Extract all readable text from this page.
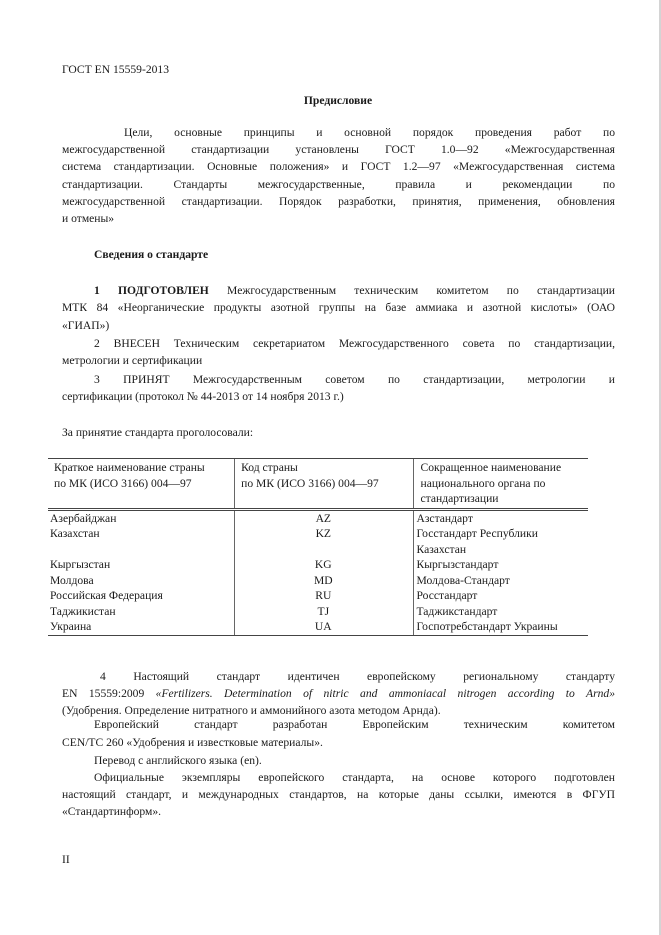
ГОСТ EN 15559-2013

Предисловие

Цели, основные принципы и основной порядок проведения работ по

межгосударственной стандартизации установлены ГОСТ 1.0—92 «Межгосударственная

система стандартизации. Основные положения» и ГОСТ 1.2—97 «Межгосударственная система

стандартизации. Стандарты межгосударственные, правила и рекомендации по

межгосударственной стандартизации. Порядок разработки, принятия, применения, обновления

и отмены»

Сведения о стандарте

1 ПОДГОТОВЛЕН Межгосударственным техническим комитетом по стандартизации

МТК 84 «Неорганические продукты азотной группы на базе аммиака и азотной кислоты» (ОАО

«ГИАП»)

2 ВНЕСЕН Техническим секретариатом Межгосударственного совета по стандартизации,

метрологии и сертификации

3 ПРИНЯТ Межгосударственным советом по стандартизации, метрологии и

сертификации (протокол № 44-2013 от 14 ноября 2013 г.)

За принятие стандарта проголосовали:

Краткое наименование страны
по МК (ИСО 3166) 004—97	Код страны
по МК (ИСО 3166) 004—97	Сокращенное наименование
национального органа по
стандартизации
Азербайджан	AZ	Азстандарт
Казахстан	KZ	Госстандарт Республики
Казахстан
Кыргызстан	KG	Кыргызстандарт
Молдова	MD	Молдова-Стандарт
Российская Федерация	RU	Росстандарт
Таджикистан	TJ	Таджикстандарт
Украина	UA	Госпотребстандарт Украины

4 Настоящий стандарт идентичен европейскому региональному стандарту

EN 15559:2009 «Fertilizers. Determination of nitric and ammoniacal nitrogen according to Arnd»

(Удобрения. Определение нитратного и аммонийного азота методом Арнда).

Европейский стандарт разработан Европейским техническим комитетом

CEN/TC 260 «Удобрения и известковые материалы».

Перевод с английского языка (en).

Официальные экземпляры европейского стандарта, на основе которого подготовлен

настоящий стандарт, и международных стандартов, на которые даны ссылки, имеются в ФГУП

«Стандартинформ».

II
